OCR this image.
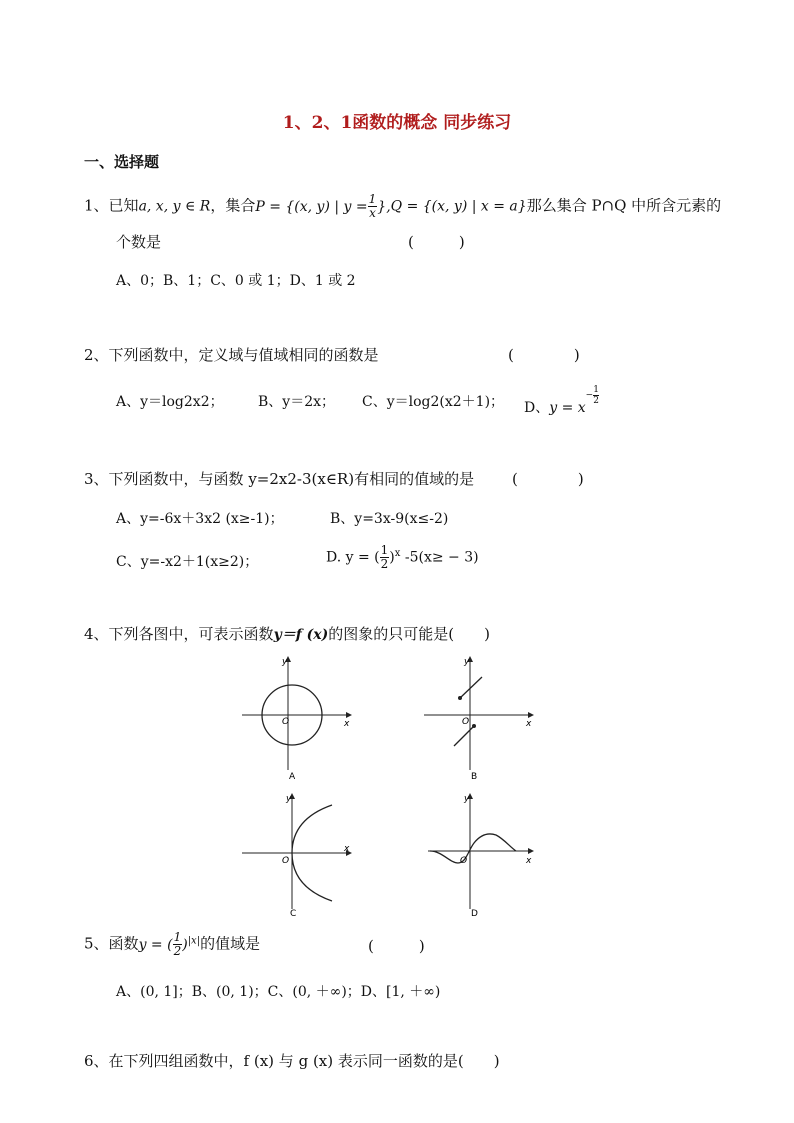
1、2、1函数的概念 同步练习
一、选择题
1、已知a, x, y ∈ R，集合P = {(x, y) | $y = \frac{1}{x} \},Q = \{(x$, y) | x = a}那么集合 P∩Q 中所含元素的
个数是	(　　　)
A、0；B、1；C、0 或 1；D、1 或 2
2、下列函数中，定义域与值域相同的函数是	(　　　　)
A、y＝log2x2； B、y＝2x； C、y＝log2(x2＋1)； D、$y = x- \frac{1}{2}$
3、下列函数中，与函数 y=2x2-3(x∈R)有相同的值域的是	(　　　　)
A、y=-6x＋3x2 (x≥-1)；	B、y=3x-9(x≤-2)
C、y=-x2＋1(x≥2)；	D. y = ( $\frac{1}{2} )^x$ -5(x≥ − 3)
4、下列各图中，可表示函数y＝f (x)的图象的只可能是(　　)
y
x
O
A
y
x
O
B
y
x
O
C
y
x
O
D
5、函数y = ( $\frac{1}{2} )^{|x|}$的值域是	(　　　)
A、(0, 1]；B、(0, 1)；C、(0, ＋∞)；D、[1, ＋∞)
6、在下列四组函数中，f (x) 与 g (x) 表示同一函数的是(　　)
